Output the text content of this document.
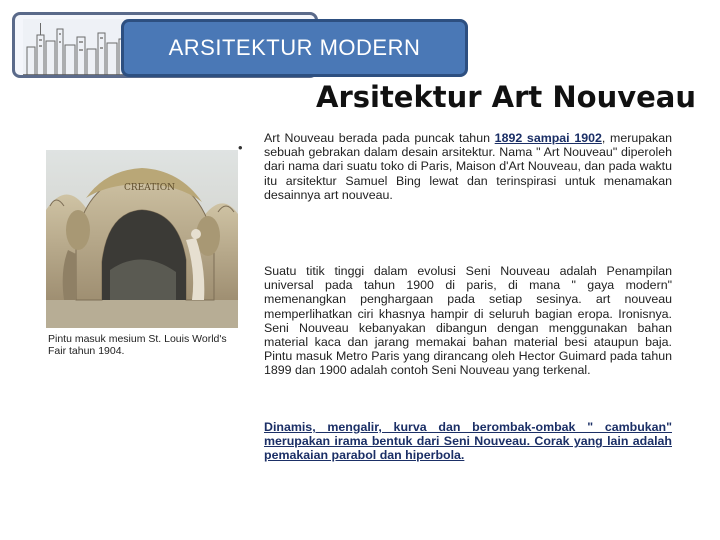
ARSITEKTUR MODERN
Arsitektur Art Nouveau
CREATION
Pintu masuk mesium St. Louis World's Fair tahun 1904.
•

Art Nouveau berada pada puncak tahun 1892 sampai 1902, merupakan sebuah gebrakan dalam desain arsitektur. Nama " Art Nouveau" diperoleh dari nama dari suatu toko di Paris, Maison d'Art Nouveau, dan pada waktu itu arsitektur Samuel Bing lewat dan terinspirasi untuk menamakan desainnya art nouveau.

Suatu titik tinggi dalam evolusi Seni Nouveau adalah Penampilan universal pada tahun 1900 di paris, di mana " gaya modern" memenangkan penghargaan pada setiap sesinya. art nouveau memperlihatkan ciri khasnya hampir di seluruh bagian eropa. Ironisnya. Seni Nouveau kebanyakan dibangun dengan menggunakan bahan material kaca dan jarang memakai bahan material besi ataupun baja. Pintu masuk Metro Paris yang dirancang oleh Hector Guimard pada tahun 1899 dan 1900 adalah contoh Seni Nouveau yang terkenal.

Dinamis, mengalir, kurva dan berombak-ombak " cambukan" merupakan irama bentuk dari Seni Nouveau. Corak yang lain adalah pemakaian parabol dan hiperbola.
